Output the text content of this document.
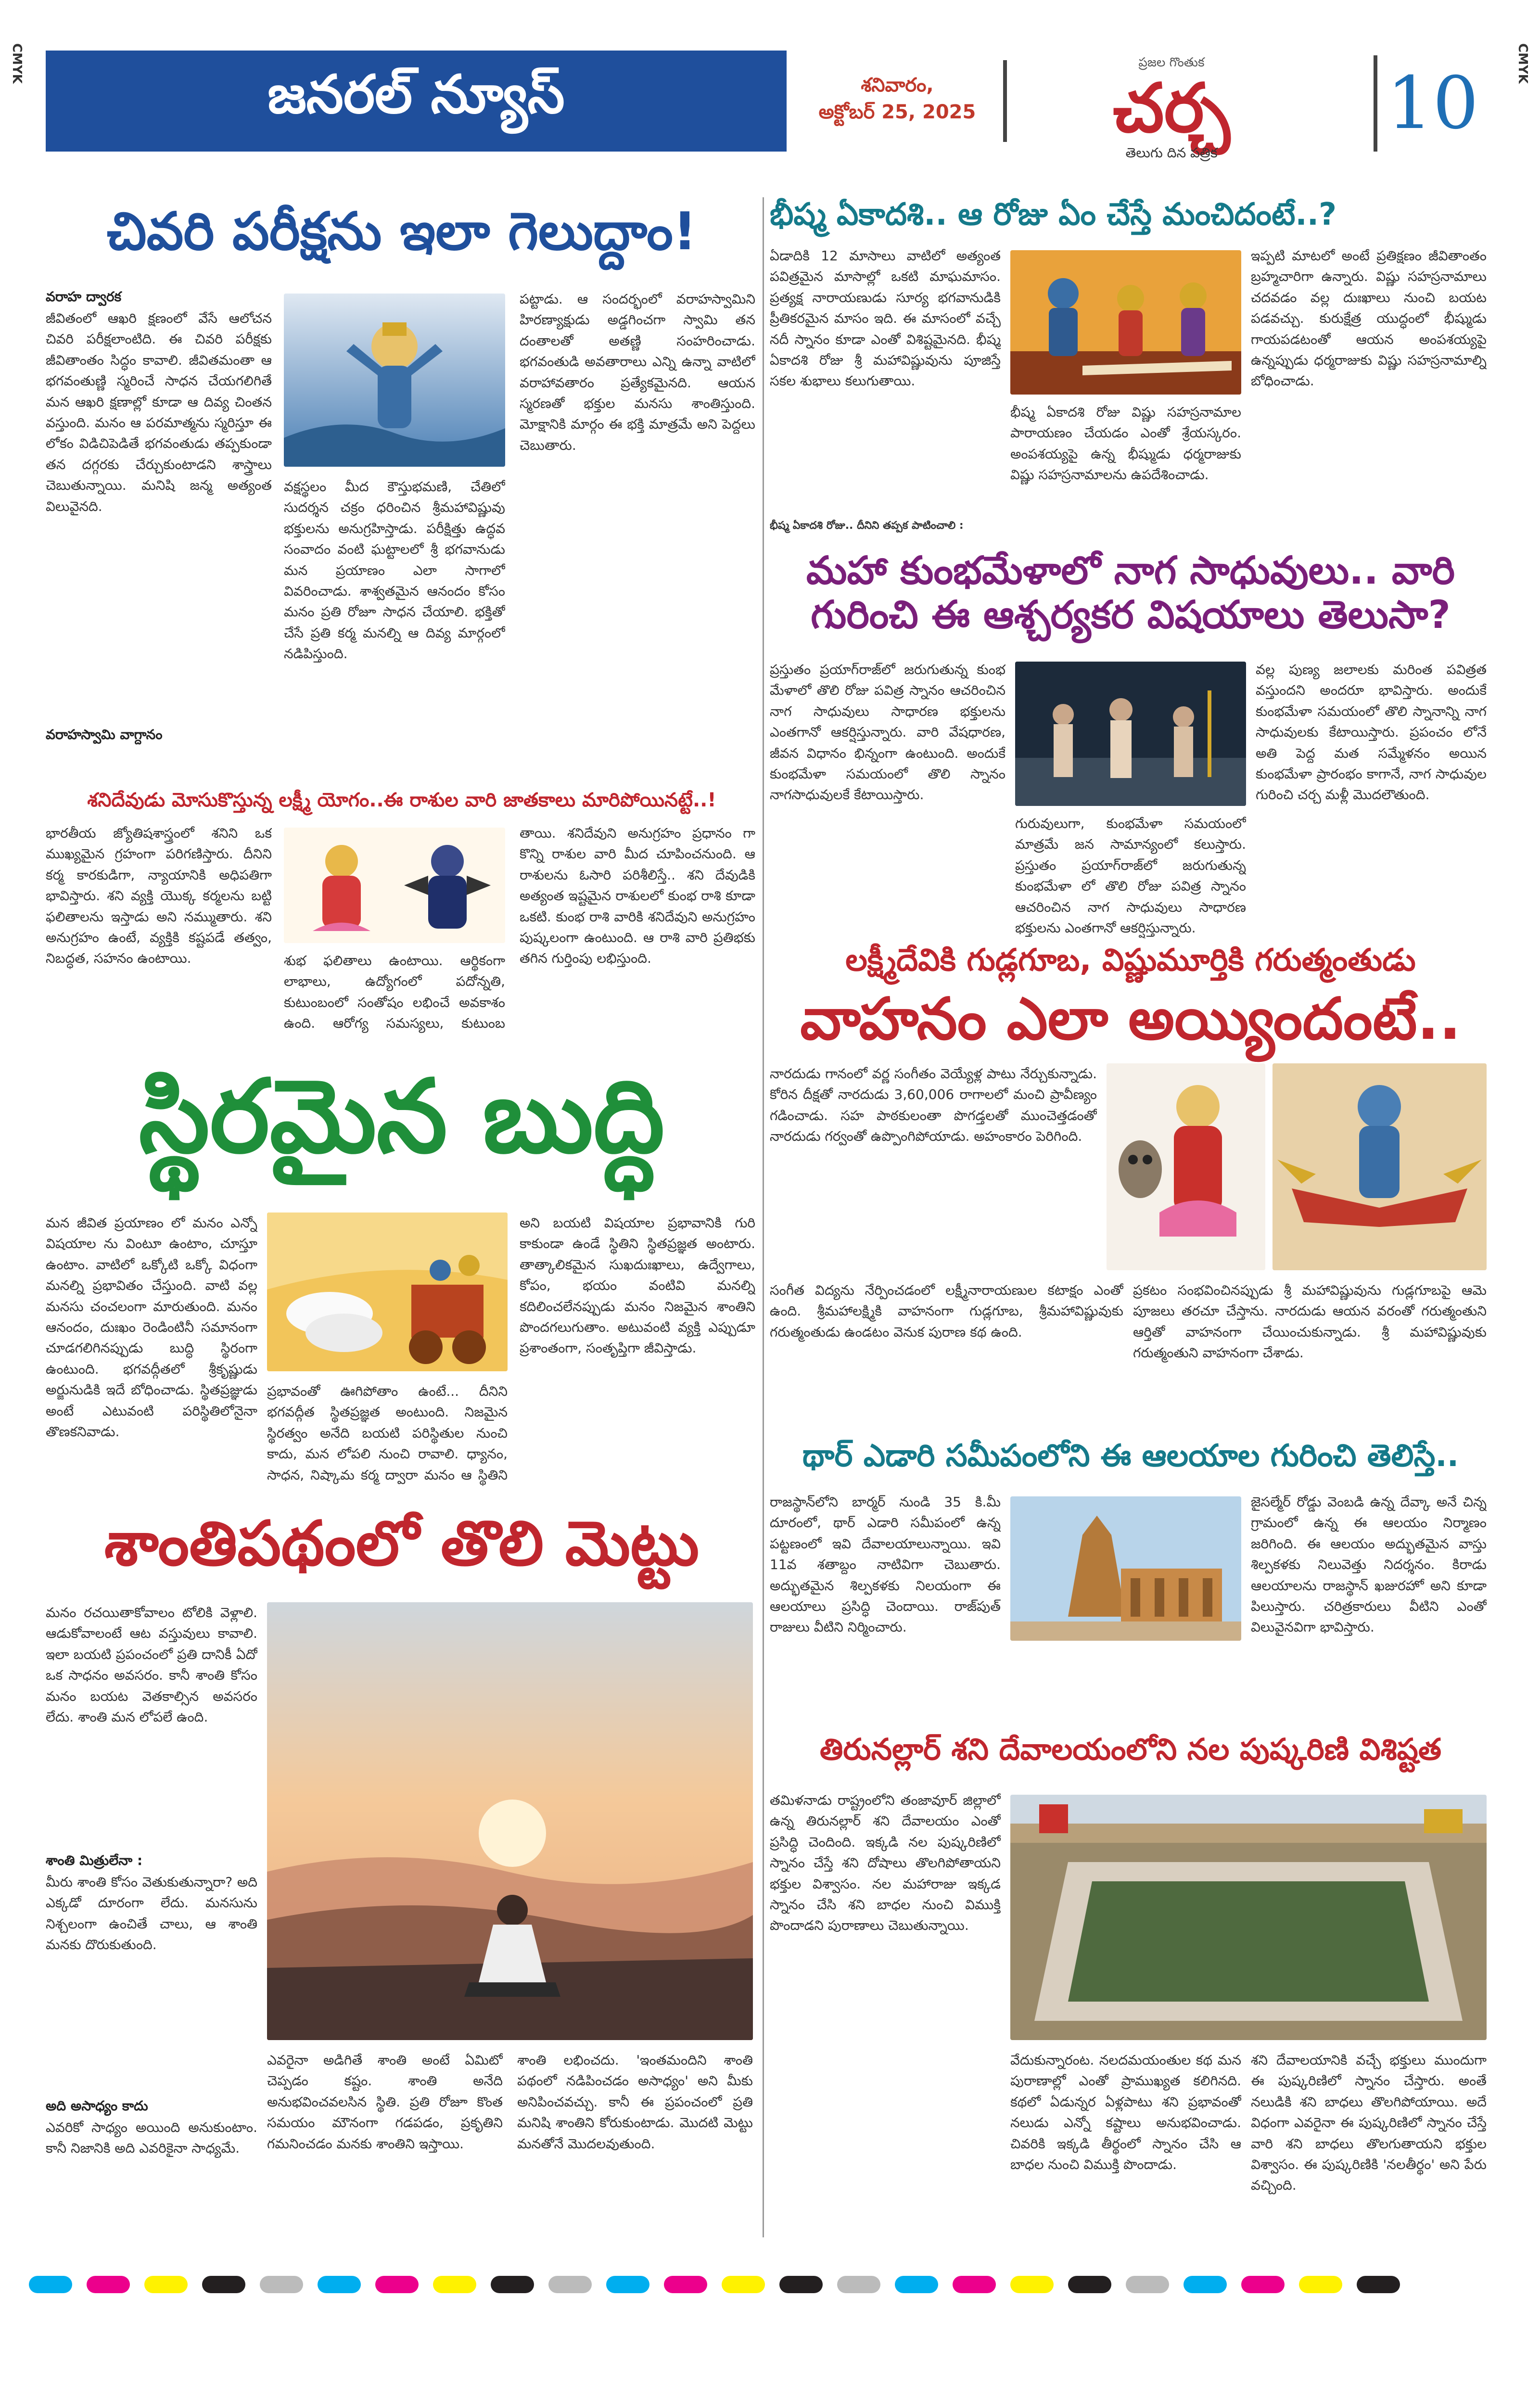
CMYK	CMYK
జనరల్ న్యూస్	శనివారం,
అక్టోబర్ 25, 2025
ప్రజల గొంతుక
చర్చ
తెలుగు దిన పత్రిక
10
చివరి పరీక్షను ఇలా గెలుద్దాం!
వరాహ ద్వారక
జీవితంలో ఆఖరి క్షణంలో వేసే ఆలోచన చివరి పరీక్షలాంటిది. ఈ చివరి పరీక్షకు జీవితాంతం సిద్ధం కావాలి. జీవితమంతా ఆ భగవంతుణ్ణి స్మరించే సాధన చేయగలిగితే మన ఆఖరి క్షణాల్లో కూడా ఆ దివ్య చింతన వస్తుంది. మనం ఆ పరమాత్మను స్మరిస్తూ ఈ లోకం విడిచిపెడితే భగవంతుడు తప్పకుండా తన దగ్గరకు చేర్చుకుంటాడని శాస్త్రాలు చెబుతున్నాయి. మనిషి జన్మ అత్యంత విలువైనది.
వరాహస్వామి వాగ్దానం
వక్షస్థలం మీద కౌస్తుభమణి, చేతిలో సుదర్శన చక్రం ధరించిన శ్రీమహావిష్ణువు భక్తులను అనుగ్రహిస్తాడు. పరీక్షిత్తు ఉద్ధవ సంవాదం వంటి ఘట్టాలలో శ్రీ భగవానుడు మన ప్రయాణం ఎలా సాగాలో వివరించాడు. శాశ్వతమైన ఆనందం కోసం మనం ప్రతి రోజూ సాధన చేయాలి. భక్తితో చేసే ప్రతి కర్మ మనల్ని ఆ దివ్య మార్గంలో నడిపిస్తుంది.
పట్టాడు. ఆ సందర్భంలో వరాహస్వామిని హిరణ్యాక్షుడు అడ్డగించగా స్వామి తన దంతాలతో అతణ్ణి సంహరించాడు. భగవంతుడి అవతారాలు ఎన్ని ఉన్నా వాటిలో వరాహావతారం ప్రత్యేకమైనది. ఆయన స్మరణతో భక్తుల మనసు శాంతిస్తుంది. మోక్షానికి మార్గం ఈ భక్తి మాత్రమే అని పెద్దలు చెబుతారు.
శనిదేవుడు మోసుకొస్తున్న లక్ష్మీ యోగం..ఈ రాశుల వారి జాతకాలు మారిపోయినట్టే..!
భారతీయ జ్యోతిషశాస్త్రంలో శనిని ఒక ముఖ్యమైన గ్రహంగా పరిగణిస్తారు. దీనిని కర్మ కారకుడిగా, న్యాయానికి అధిపతిగా భావిస్తారు. శని వ్యక్తి యొక్క కర్మలను బట్టి ఫలితాలను ఇస్తాడు అని నమ్ముతారు. శని అనుగ్రహం ఉంటే, వ్యక్తికి కష్టపడే తత్వం, నిబద్ధత, సహనం ఉంటాయి.	శుభ ఫలితాలు ఉంటాయి. ఆర్థికంగా లాభాలు, ఉద్యోగంలో పదోన్నతి, కుటుంబంలో సంతోషం లభించే అవకాశం ఉంది. ఆరోగ్య సమస్యలు, కుటుంబ
తాయి. శనిదేవుని అనుగ్రహం ప్రధానం గా కొన్ని రాశుల వారి మీద చూపించనుంది. ఆ రాశులను ఓసారి పరిశీలిస్తే.. శని దేవుడికి అత్యంత ఇష్టమైన రాశులలో కుంభ రాశి కూడా ఒకటి. కుంభ రాశి వారికి శనిదేవుని అనుగ్రహం పుష్కలంగా ఉంటుంది. ఆ రాశి వారి ప్రతిభకు తగిన గుర్తింపు లభిస్తుంది.
స్థిరమైన బుద్ధి
మన జీవిత ప్రయాణం లో మనం ఎన్నో విషయాల ను వింటూ ఉంటాం, చూస్తూ ఉంటాం. వాటిలో ఒక్కోటి ఒక్కో విధంగా మనల్ని ప్రభావితం చేస్తుంది. వాటి వల్ల మనసు చంచలంగా మారుతుంది. మనం ఆనందం, దుఃఖం రెండింటినీ సమానంగా చూడగలిగినప్పుడు బుద్ధి స్థిరంగా ఉంటుంది. భగవద్గీతలో శ్రీకృష్ణుడు అర్జునుడికి ఇదే బోధించాడు. స్థితప్రజ్ఞుడు అంటే ఎటువంటి పరిస్థితిలోనైనా తొణకనివాడు.
ప్రభావంతో ఊగిపోతాం ఉంటే... దీనిని భగవద్గీత స్థితప్రజ్ఞత అంటుంది. నిజమైన స్థిరత్వం అనేది బయటి పరిస్థితుల నుంచి కాదు, మన లోపలి నుంచి రావాలి. ధ్యానం, సాధన, నిష్కామ కర్మ ద్వారా మనం ఆ స్థితిని
అని బయటి విషయాల ప్రభావానికి గురి కాకుండా ఉండే స్థితిని స్థితప్రజ్ఞత అంటారు. తాత్కాలికమైన సుఖదుఃఖాలు, ఉద్వేగాలు, కోపం, భయం వంటివి మనల్ని కదిలించలేనప్పుడు మనం నిజమైన శాంతిని పొందగలుగుతాం. అటువంటి వ్యక్తి ఎప్పుడూ ప్రశాంతంగా, సంతృప్తిగా జీవిస్తాడు.
శాంతిపథంలో తొలి మెట్టు
మనం రచయితాకోవాలం టోలికి వెళ్లాలి. ఆడుకోవాలంటే ఆట వస్తువులు కావాలి. ఇలా బయటి ప్రపంచంలో ప్రతి దానికీ ఏదో ఒక సాధనం అవసరం. కానీ శాంతి కోసం మనం బయట వెతకాల్సిన అవసరం లేదు. శాంతి మన లోపలే ఉంది.
శాంతి మిత్రులేనా :
మీరు శాంతి కోసం వెతుకుతున్నారా? అది ఎక్కడో దూరంగా లేదు. మనసును నిశ్చలంగా ఉంచితే చాలు, ఆ శాంతి మనకు దొరుకుతుంది.
అది అసాధ్యం కాదు
ఎవరికో సాధ్యం అయింది అనుకుంటాం. కానీ నిజానికి అది ఎవరికైనా సాధ్యమే.
ఎవరైనా అడిగితే శాంతి అంటే ఏమిటో చెప్పడం కష్టం. శాంతి అనేది అనుభవించవలసిన స్థితి. ప్రతి రోజూ కొంత సమయం మౌనంగా గడపడం, ప్రకృతిని గమనించడం మనకు శాంతిని ఇస్తాయి.
శాంతి లభించదు. 'ఇంతమందిని శాంతి పథంలో నడిపించడం అసాధ్యం' అని మీకు అనిపించవచ్చు. కానీ ఈ ప్రపంచంలో ప్రతి మనిషి శాంతిని కోరుకుంటాడు. మొదటి మెట్టు మనతోనే మొదలవుతుంది.
భీష్మ ఏకాదశి.. ఆ రోజు ఏం చేస్తే మంచిదంటే..?
ఏడాదికి 12 మాసాలు వాటిలో అత్యంత పవిత్రమైన మాసాల్లో ఒకటి మాఘమాసం. ప్రత్యక్ష నారాయణుడు సూర్య భగవానుడికి ప్రీతికరమైన మాసం ఇది. ఈ మాసంలో వచ్చే నదీ స్నానం కూడా ఎంతో విశిష్టమైనది. భీష్మ ఏకాదశి రోజు శ్రీ మహావిష్ణువును పూజిస్తే సకల శుభాలు కలుగుతాయి.
భీష్మ ఏకాదశి రోజు విష్ణు సహస్రనామాల పారాయణం చేయడం ఎంతో శ్రేయస్కరం. అంపశయ్యపై ఉన్న భీష్ముడు ధర్మరాజుకు విష్ణు సహస్రనామాలను ఉపదేశించాడు.
భీష్మ ఏకాదశి రోజు.. దీనిని తప్పక పాటించాలి :
ఇప్పటి మాటలో అంటే ప్రతిక్షణం జీవితాంతం బ్రహ్మచారిగా ఉన్నారు. విష్ణు సహస్రనామాలు చదవడం వల్ల దుఃఖాలు నుంచి బయట పడవచ్చు. కురుక్షేత్ర యుద్ధంలో భీష్ముడు గాయపడటంతో ఆయన అంపశయ్యపై ఉన్నప్పుడు ధర్మరాజుకు విష్ణు సహస్రనామాల్ని బోధించాడు.
మహా కుంభమేళాలో నాగ సాధువులు.. వారి గురించి ఈ ఆశ్చర్యకర విషయాలు తెలుసా?
ప్రస్తుతం ప్రయాగ్‌రాజ్‌లో జరుగుతున్న కుంభ మేళాలో తొలి రోజు పవిత్ర స్నానం ఆచరించిన నాగ సాధువులు సాధారణ భక్తులను ఎంతగానో ఆకర్షిస్తున్నారు. వారి వేషధారణ, జీవన విధానం భిన్నంగా ఉంటుంది. అందుకే కుంభమేళా సమయంలో తొలి స్నానం నాగసాధువులకే కేటాయిస్తారు.
గురువులుగా, కుంభమేళా సమయంలో మాత్రమే జన సామాన్యంలో కలుస్తారు. ప్రస్తుతం ప్రయాగ్‌రాజ్‌లో జరుగుతున్న కుంభమేళా లో తొలి రోజు పవిత్ర స్నానం ఆచరించిన నాగ సాధువులు సాధారణ భక్తులను ఎంతగానో ఆకర్షిస్తున్నారు.
వల్ల పుణ్య జలాలకు మరింత పవిత్రత వస్తుందని అందరూ భావిస్తారు. అందుకే కుంభమేళా సమయంలో తొలి స్నానాన్ని నాగ సాధువులకు కేటాయిస్తారు. ప్రపంచం లోనే అతి పెద్ద మత సమ్మేళనం అయిన కుంభమేళా ప్రారంభం కాగానే, నాగ సాధువుల గురించి చర్చ మళ్లీ మొదలౌతుంది.
లక్ష్మీదేవికి గుడ్లగూబ, విష్ణుమూర్తికి గరుత్మంతుడు
వాహనం ఎలా అయ్యిందంటే..
నారదుడు గానంలో వర్ణ సంగీతం వెయ్యేళ్ల పాటు నేర్చుకున్నాడు. కోరిన దీక్షతో నారదుడు 3,60,006 రాగాలలో మంచి ప్రావీణ్యం గడించాడు. సహ పాఠకులంతా పొగడ్తలతో ముంచెత్తడంతో నారదుడు గర్వంతో ఉప్పొంగిపోయాడు. అహంకారం పెరిగింది.
సంగీత విద్యను నేర్పించడంలో లక్ష్మీనారాయణుల కటాక్షం ఎంతో ఉంది. శ్రీమహాలక్ష్మికి వాహనంగా గుడ్లగూబ, శ్రీమహావిష్ణువుకు గరుత్మంతుడు ఉండటం వెనుక పురాణ కథ ఉంది.
ప్రకటం సంభవించినప్పుడు శ్రీ మహావిష్ణువును గుడ్లగూబపై ఆమె పూజలు తరచూ చేస్తాను. నారదుడు ఆయన వరంతో గరుత్మంతుని ఆర్తితో వాహనంగా చేయించుకున్నాడు. శ్రీ మహావిష్ణువుకు గరుత్మంతుని వాహనంగా చేశాడు.
థార్ ఎడారి సమీపంలోని ఈ ఆలయాల గురించి తెలిస్తే..
రాజస్థాన్‌లోని బార్మర్ నుండి 35 కి.మీ దూరంలో, థార్ ఎడారి సమీపంలో ఉన్న పట్టణంలో ఇవి దేవాలయాలున్నాయి. ఇవి 11వ శతాబ్దం నాటివిగా చెబుతారు. అద్భుతమైన శిల్పకళకు నిలయంగా ఈ ఆలయాలు ప్రసిద్ధి చెందాయి. రాజ్‌పుత్ రాజులు వీటిని నిర్మించారు.
జైసల్మేర్ రోడ్డు వెంబడి ఉన్న దేవ్కా అనే చిన్న గ్రామంలో ఉన్న ఈ ఆలయం నిర్మాణం జరిగింది. ఈ ఆలయం అద్భుతమైన వాస్తు శిల్పకళకు నిలువెత్తు నిదర్శనం. కిరాడు ఆలయాలను రాజస్థాన్ ఖజురహో అని కూడా పిలుస్తారు. చరిత్రకారులు వీటిని ఎంతో విలువైనవిగా భావిస్తారు.
తిరునల్లార్ శని దేవాలయంలోని నల పుష్కరిణి విశిష్టత
తమిళనాడు రాష్ట్రంలోని తంజావూర్ జిల్లాలో ఉన్న తిరునల్లార్ శని దేవాలయం ఎంతో ప్రసిద్ధి చెందింది. ఇక్కడి నల పుష్కరిణిలో స్నానం చేస్తే శని దోషాలు తొలగిపోతాయని భక్తుల విశ్వాసం. నల మహారాజు ఇక్కడ స్నానం చేసి శని బాధల నుంచి విముక్తి పొందాడని పురాణాలు చెబుతున్నాయి.
వేదుకున్నారంట. నలదమయంతుల కథ మన పురాణాల్లో ఎంతో ప్రాముఖ్యత కలిగినది. కథలో ఏడున్నర ఏళ్లపాటు శని ప్రభావంతో నలుడు ఎన్నో కష్టాలు అనుభవించాడు. చివరికి ఇక్కడి తీర్థంలో స్నానం చేసి ఆ బాధల నుంచి విముక్తి పొందాడు.
శని దేవాలయానికి వచ్చే భక్తులు ముందుగా ఈ పుష్కరిణిలో స్నానం చేస్తారు. అంతే నలుడికి శని బాధలు తొలగిపోయాయి. అదే విధంగా ఎవరైనా ఈ పుష్కరిణిలో స్నానం చేస్తే వారి శని బాధలు తొలగుతాయని భక్తుల విశ్వాసం. ఈ పుష్కరిణికి 'నలతీర్థం' అని పేరు వచ్చింది.
